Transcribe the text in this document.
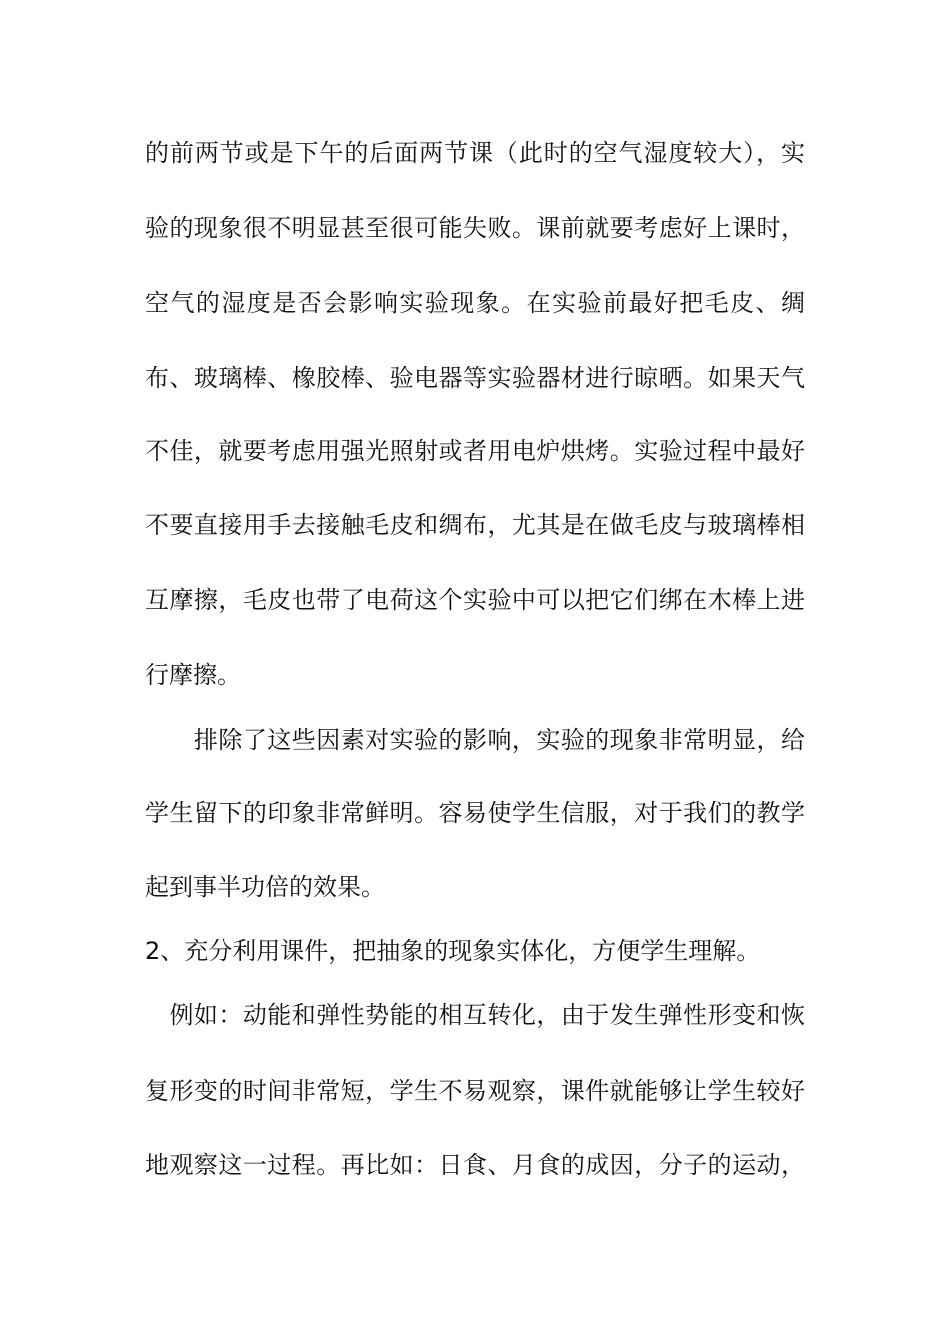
的前两节或是下午的后面两节课（此时的空气湿度较大），实
验的现象很不明显甚至很可能失败。课前就要考虑好上课时，
空气的湿度是否会影响实验现象。在实验前最好把毛皮、绸
布、玻璃棒、橡胶棒、验电器等实验器材进行晾晒。如果天气
不佳，就要考虑用强光照射或者用电炉烘烤。实验过程中最好
不要直接用手去接触毛皮和绸布，尤其是在做毛皮与玻璃棒相
互摩擦，毛皮也带了电荷这个实验中可以把它们绑在木棒上进
行摩擦。
　　排除了这些因素对实验的影响，实验的现象非常明显，给
学生留下的印象非常鲜明。容易使学生信服，对于我们的教学
起到事半功倍的效果。
2、充分利用课件，把抽象的现象实体化，方便学生理解。
　例如：动能和弹性势能的相互转化，由于发生弹性形变和恢
复形变的时间非常短，学生不易观察，课件就能够让学生较好
地观察这一过程。再比如：日食、月食的成因，分子的运动，
